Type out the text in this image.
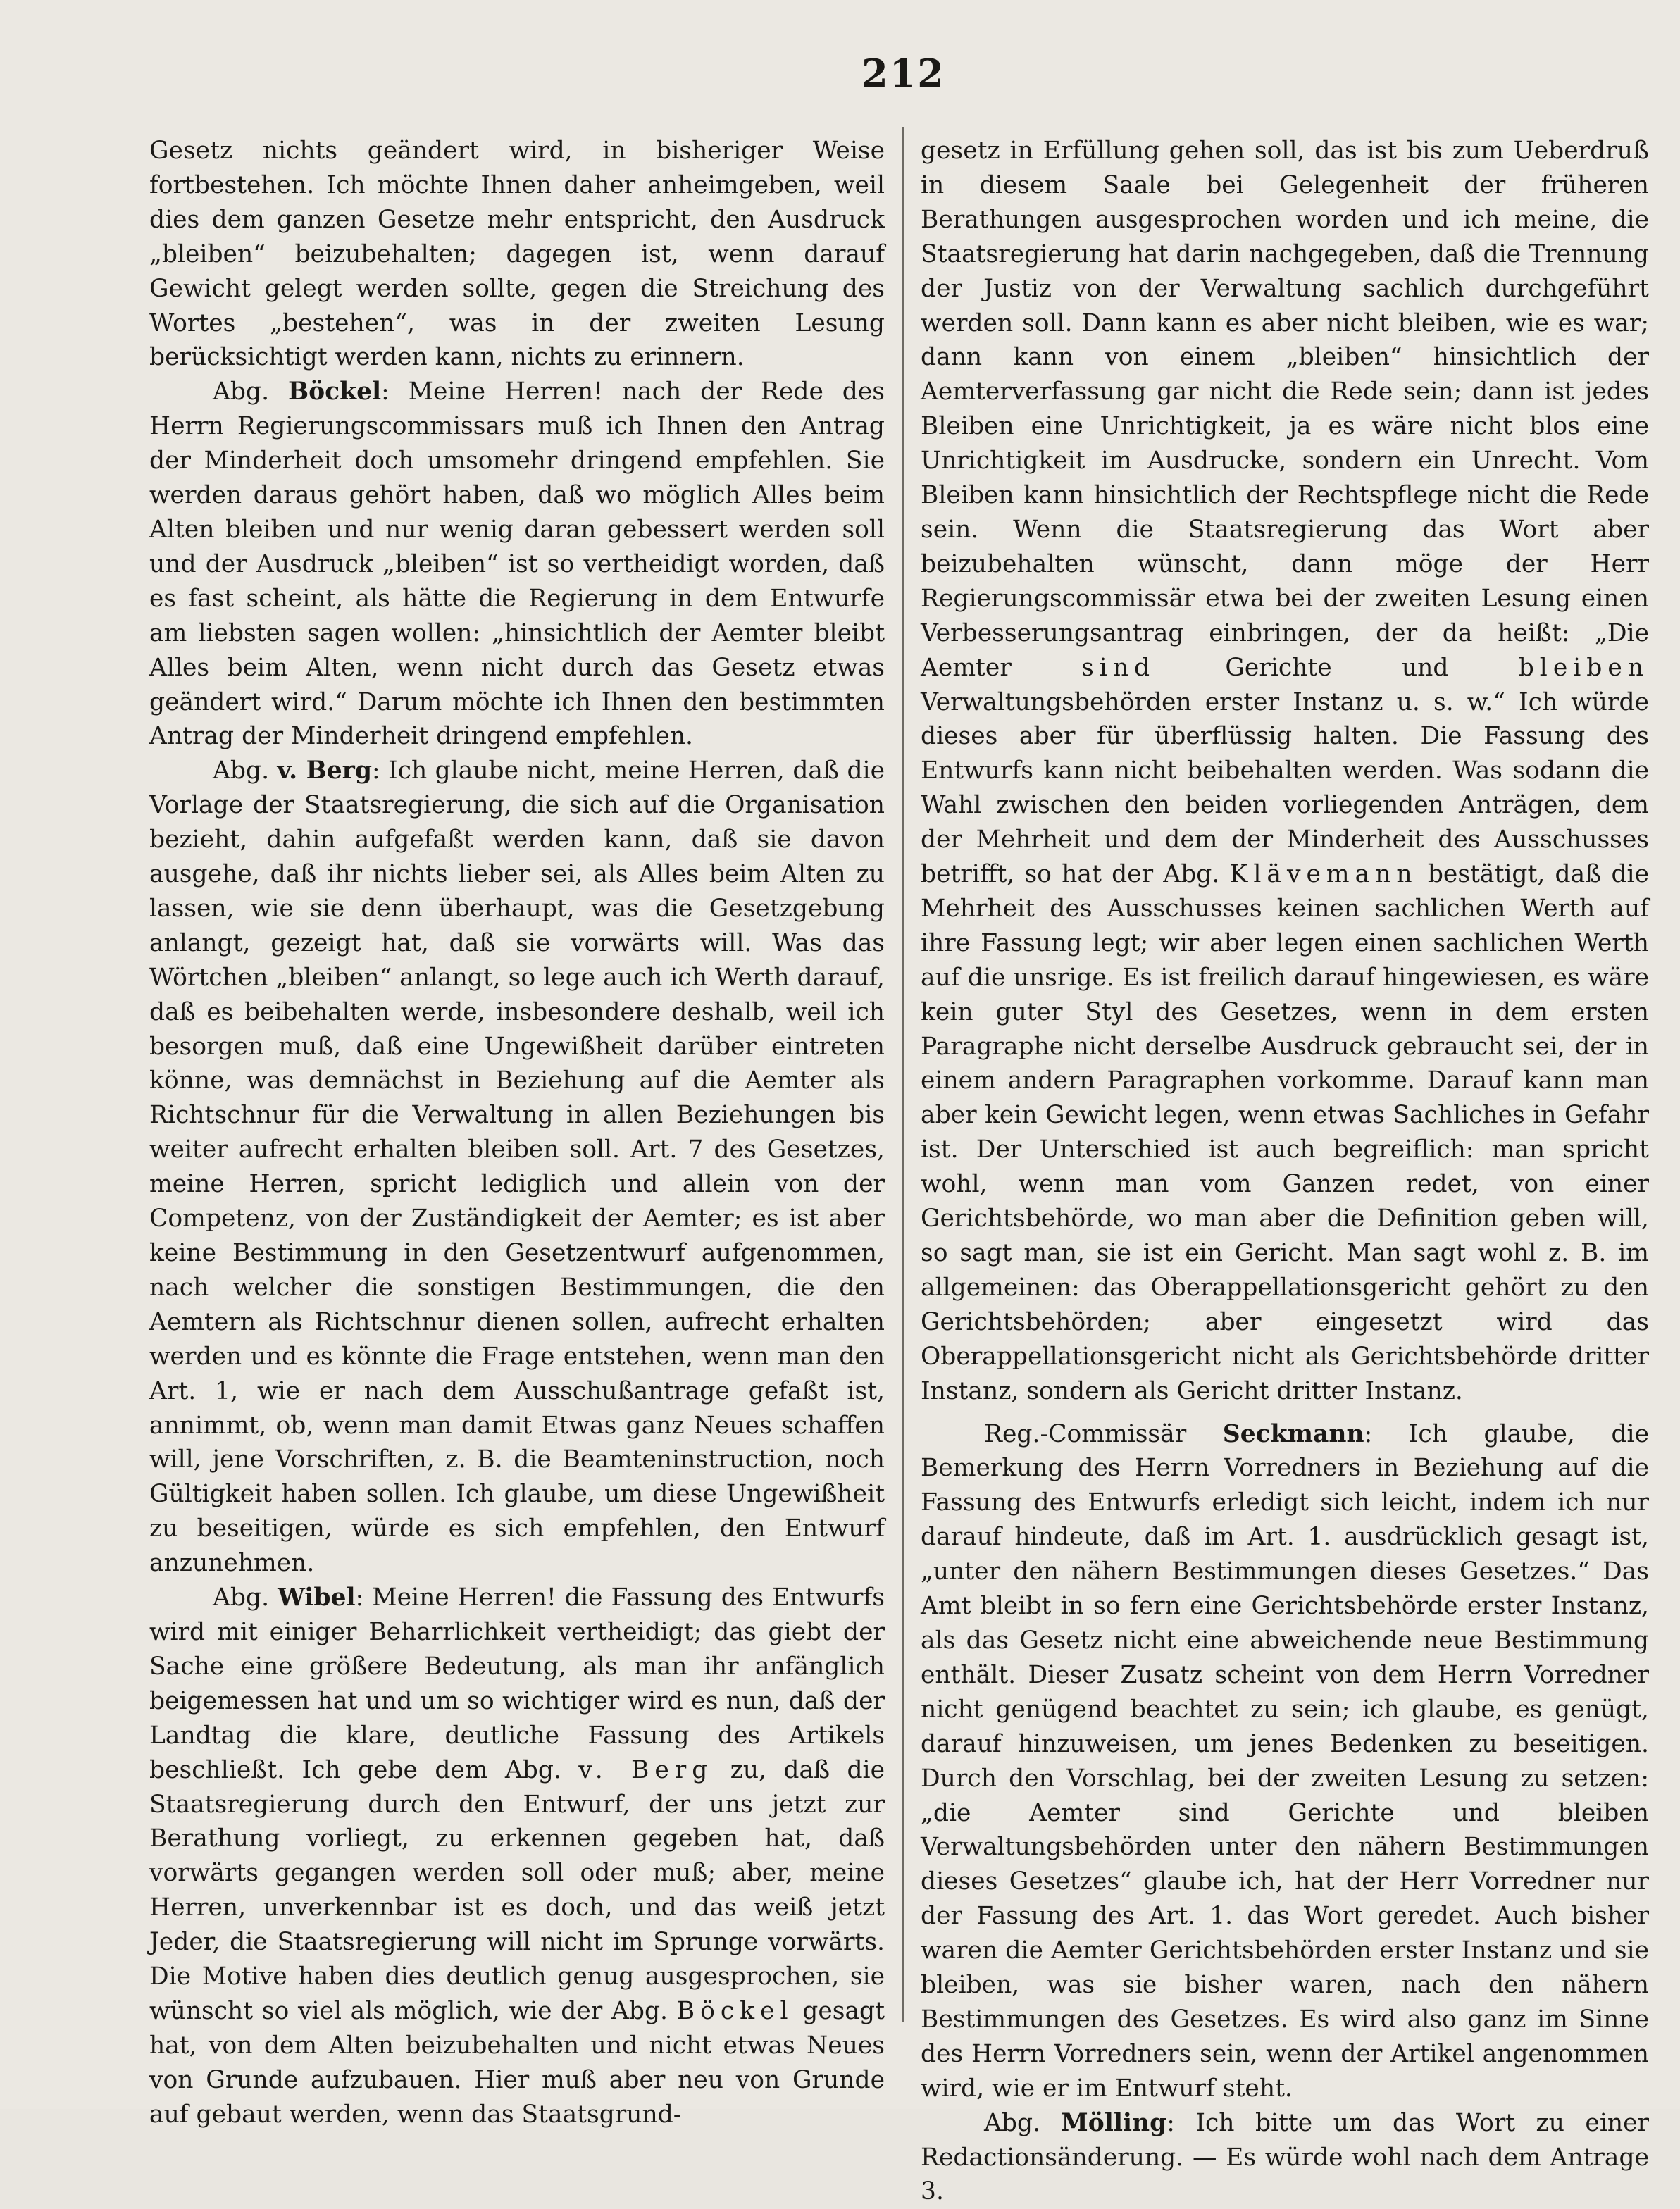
212

Gesetz nichts geändert wird, in bisheriger Weise fortbestehen. Ich möchte Ihnen daher anheimgeben, weil dies dem ganzen Gesetze mehr entspricht, den Ausdruck „bleiben“ beizubehalten; dagegen ist, wenn darauf Gewicht gelegt werden sollte, gegen die Streichung des Wortes „bestehen“, was in der zweiten Lesung berücksichtigt werden kann, nichts zu erinnern.

Abg. Böckel: Meine Herren! nach der Rede des Herrn Regierungscommissars muß ich Ihnen den Antrag der Minderheit doch umsomehr dringend empfehlen. Sie werden daraus gehört haben, daß wo möglich Alles beim Alten bleiben und nur wenig daran gebessert werden soll und der Ausdruck „bleiben“ ist so vertheidigt worden, daß es fast scheint, als hätte die Regierung in dem Entwurfe am liebsten sagen wollen: „hinsichtlich der Aemter bleibt Alles beim Alten, wenn nicht durch das Gesetz etwas geändert wird.“ Darum möchte ich Ihnen den bestimmten Antrag der Minderheit dringend empfehlen.

Abg. v. Berg: Ich glaube nicht, meine Herren, daß die Vorlage der Staatsregierung, die sich auf die Organisation bezieht, dahin aufgefaßt werden kann, daß sie davon ausgehe, daß ihr nichts lieber sei, als Alles beim Alten zu lassen, wie sie denn überhaupt, was die Gesetzgebung anlangt, gezeigt hat, daß sie vorwärts will. Was das Wörtchen „bleiben“ anlangt, so lege auch ich Werth darauf, daß es beibehalten werde, insbesondere deshalb, weil ich besorgen muß, daß eine Ungewißheit darüber eintreten könne, was demnächst in Beziehung auf die Aemter als Richtschnur für die Verwaltung in allen Beziehungen bis weiter aufrecht erhalten bleiben soll. Art. 7 des Gesetzes, meine Herren, spricht lediglich und allein von der Competenz, von der Zuständigkeit der Aemter; es ist aber keine Bestimmung in den Gesetzentwurf aufgenommen, nach welcher die sonstigen Bestimmungen, die den Aemtern als Richtschnur dienen sollen, aufrecht erhalten werden und es könnte die Frage entstehen, wenn man den Art. 1, wie er nach dem Ausschußantrage gefaßt ist, annimmt, ob, wenn man damit Etwas ganz Neues schaffen will, jene Vorschriften, z. B. die Beamteninstruction, noch Gültigkeit haben sollen. Ich glaube, um diese Ungewißheit zu beseitigen, würde es sich empfehlen, den Entwurf anzunehmen.

Abg. Wibel: Meine Herren! die Fassung des Entwurfs wird mit einiger Beharrlichkeit vertheidigt; das giebt der Sache eine größere Bedeutung, als man ihr anfänglich beigemessen hat und um so wichtiger wird es nun, daß der Landtag die klare, deutliche Fassung des Artikels beschließt. Ich gebe dem Abg. v. Berg zu, daß die Staatsregierung durch den Entwurf, der uns jetzt zur Berathung vorliegt, zu erkennen gegeben hat, daß vorwärts gegangen werden soll oder muß; aber, meine Herren, unverkennbar ist es doch, und das weiß jetzt Jeder, die Staatsregierung will nicht im Sprunge vorwärts. Die Motive haben dies deutlich genug ausgesprochen, sie wünscht so viel als möglich, wie der Abg. Böckel gesagt hat, von dem Alten beizubehalten und nicht etwas Neues von Grunde aufzubauen. Hier muß aber neu von Grunde auf gebaut werden, wenn das Staatsgrund-

gesetz in Erfüllung gehen soll, das ist bis zum Ueberdruß in diesem Saale bei Gelegenheit der früheren Berathungen ausgesprochen worden und ich meine, die Staatsregierung hat darin nachgegeben, daß die Trennung der Justiz von der Verwaltung sachlich durchgeführt werden soll. Dann kann es aber nicht bleiben, wie es war; dann kann von einem „bleiben“ hinsichtlich der Aemterverfassung gar nicht die Rede sein; dann ist jedes Bleiben eine Unrichtigkeit, ja es wäre nicht blos eine Unrichtigkeit im Ausdrucke, sondern ein Unrecht. Vom Bleiben kann hinsichtlich der Rechtspflege nicht die Rede sein. Wenn die Staatsregierung das Wort aber beizubehalten wünscht, dann möge der Herr Regierungscommissär etwa bei der zweiten Lesung einen Verbesserungsantrag einbringen, der da heißt: „Die Aemter	sind	Gerichte und	bleiben Verwaltungsbehörden erster Instanz u. s. w.“ Ich würde dieses aber für überflüssig halten. Die Fassung des Entwurfs kann nicht beibehalten werden. Was sodann die Wahl zwischen den beiden vorliegenden Anträgen, dem der Mehrheit und dem der Minderheit des Ausschusses betrifft, so hat der Abg. Klävemann bestätigt, daß die Mehrheit des Ausschusses keinen sachlichen Werth auf ihre Fassung legt; wir aber legen einen sachlichen Werth auf die unsrige. Es ist freilich darauf hingewiesen, es wäre kein guter Styl des Gesetzes, wenn in dem ersten Paragraphe nicht derselbe Ausdruck gebraucht sei, der in einem andern Paragraphen vorkomme. Darauf kann man aber kein Gewicht legen, wenn etwas Sachliches in Gefahr ist. Der Unterschied ist auch begreiflich: man spricht wohl, wenn man vom Ganzen redet, von einer Gerichtsbehörde, wo man aber die Definition geben will, so sagt man, sie ist ein Gericht. Man sagt wohl z. B. im allgemeinen: das Oberappellationsgericht gehört zu den Gerichtsbehörden; aber eingesetzt wird das Oberappellationsgericht nicht als Gerichtsbehörde dritter Instanz, sondern als Gericht dritter Instanz.

Reg.-Commissär Seckmann: Ich glaube, die Bemerkung des Herrn Vorredners in Beziehung auf die Fassung des Entwurfs erledigt sich leicht, indem ich nur darauf hindeute, daß im Art. 1. ausdrücklich gesagt ist, „unter den nähern Bestimmungen dieses Gesetzes.“ Das Amt bleibt in so fern eine Gerichtsbehörde erster Instanz, als das Gesetz nicht eine abweichende neue Bestimmung enthält. Dieser Zusatz scheint von dem Herrn Vorredner nicht genügend beachtet zu sein; ich glaube, es genügt, darauf hinzuweisen, um jenes Bedenken zu beseitigen. Durch den Vorschlag, bei der zweiten Lesung zu setzen: „die Aemter sind Gerichte und bleiben Verwaltungsbehörden unter den nähern Bestimmungen dieses Gesetzes“ glaube ich, hat der Herr Vorredner nur der Fassung des Art. 1. das Wort geredet. Auch bisher waren die Aemter Gerichtsbehörden erster Instanz und sie bleiben, was sie bisher waren, nach den nähern Bestimmungen des Gesetzes. Es wird also ganz im Sinne des Herrn Vorredners sein, wenn der Artikel angenommen wird, wie er im Entwurf steht.

Abg. Mölling: Ich bitte um das Wort zu einer Redactionsänderung. — Es würde wohl nach dem Antrage 3.
